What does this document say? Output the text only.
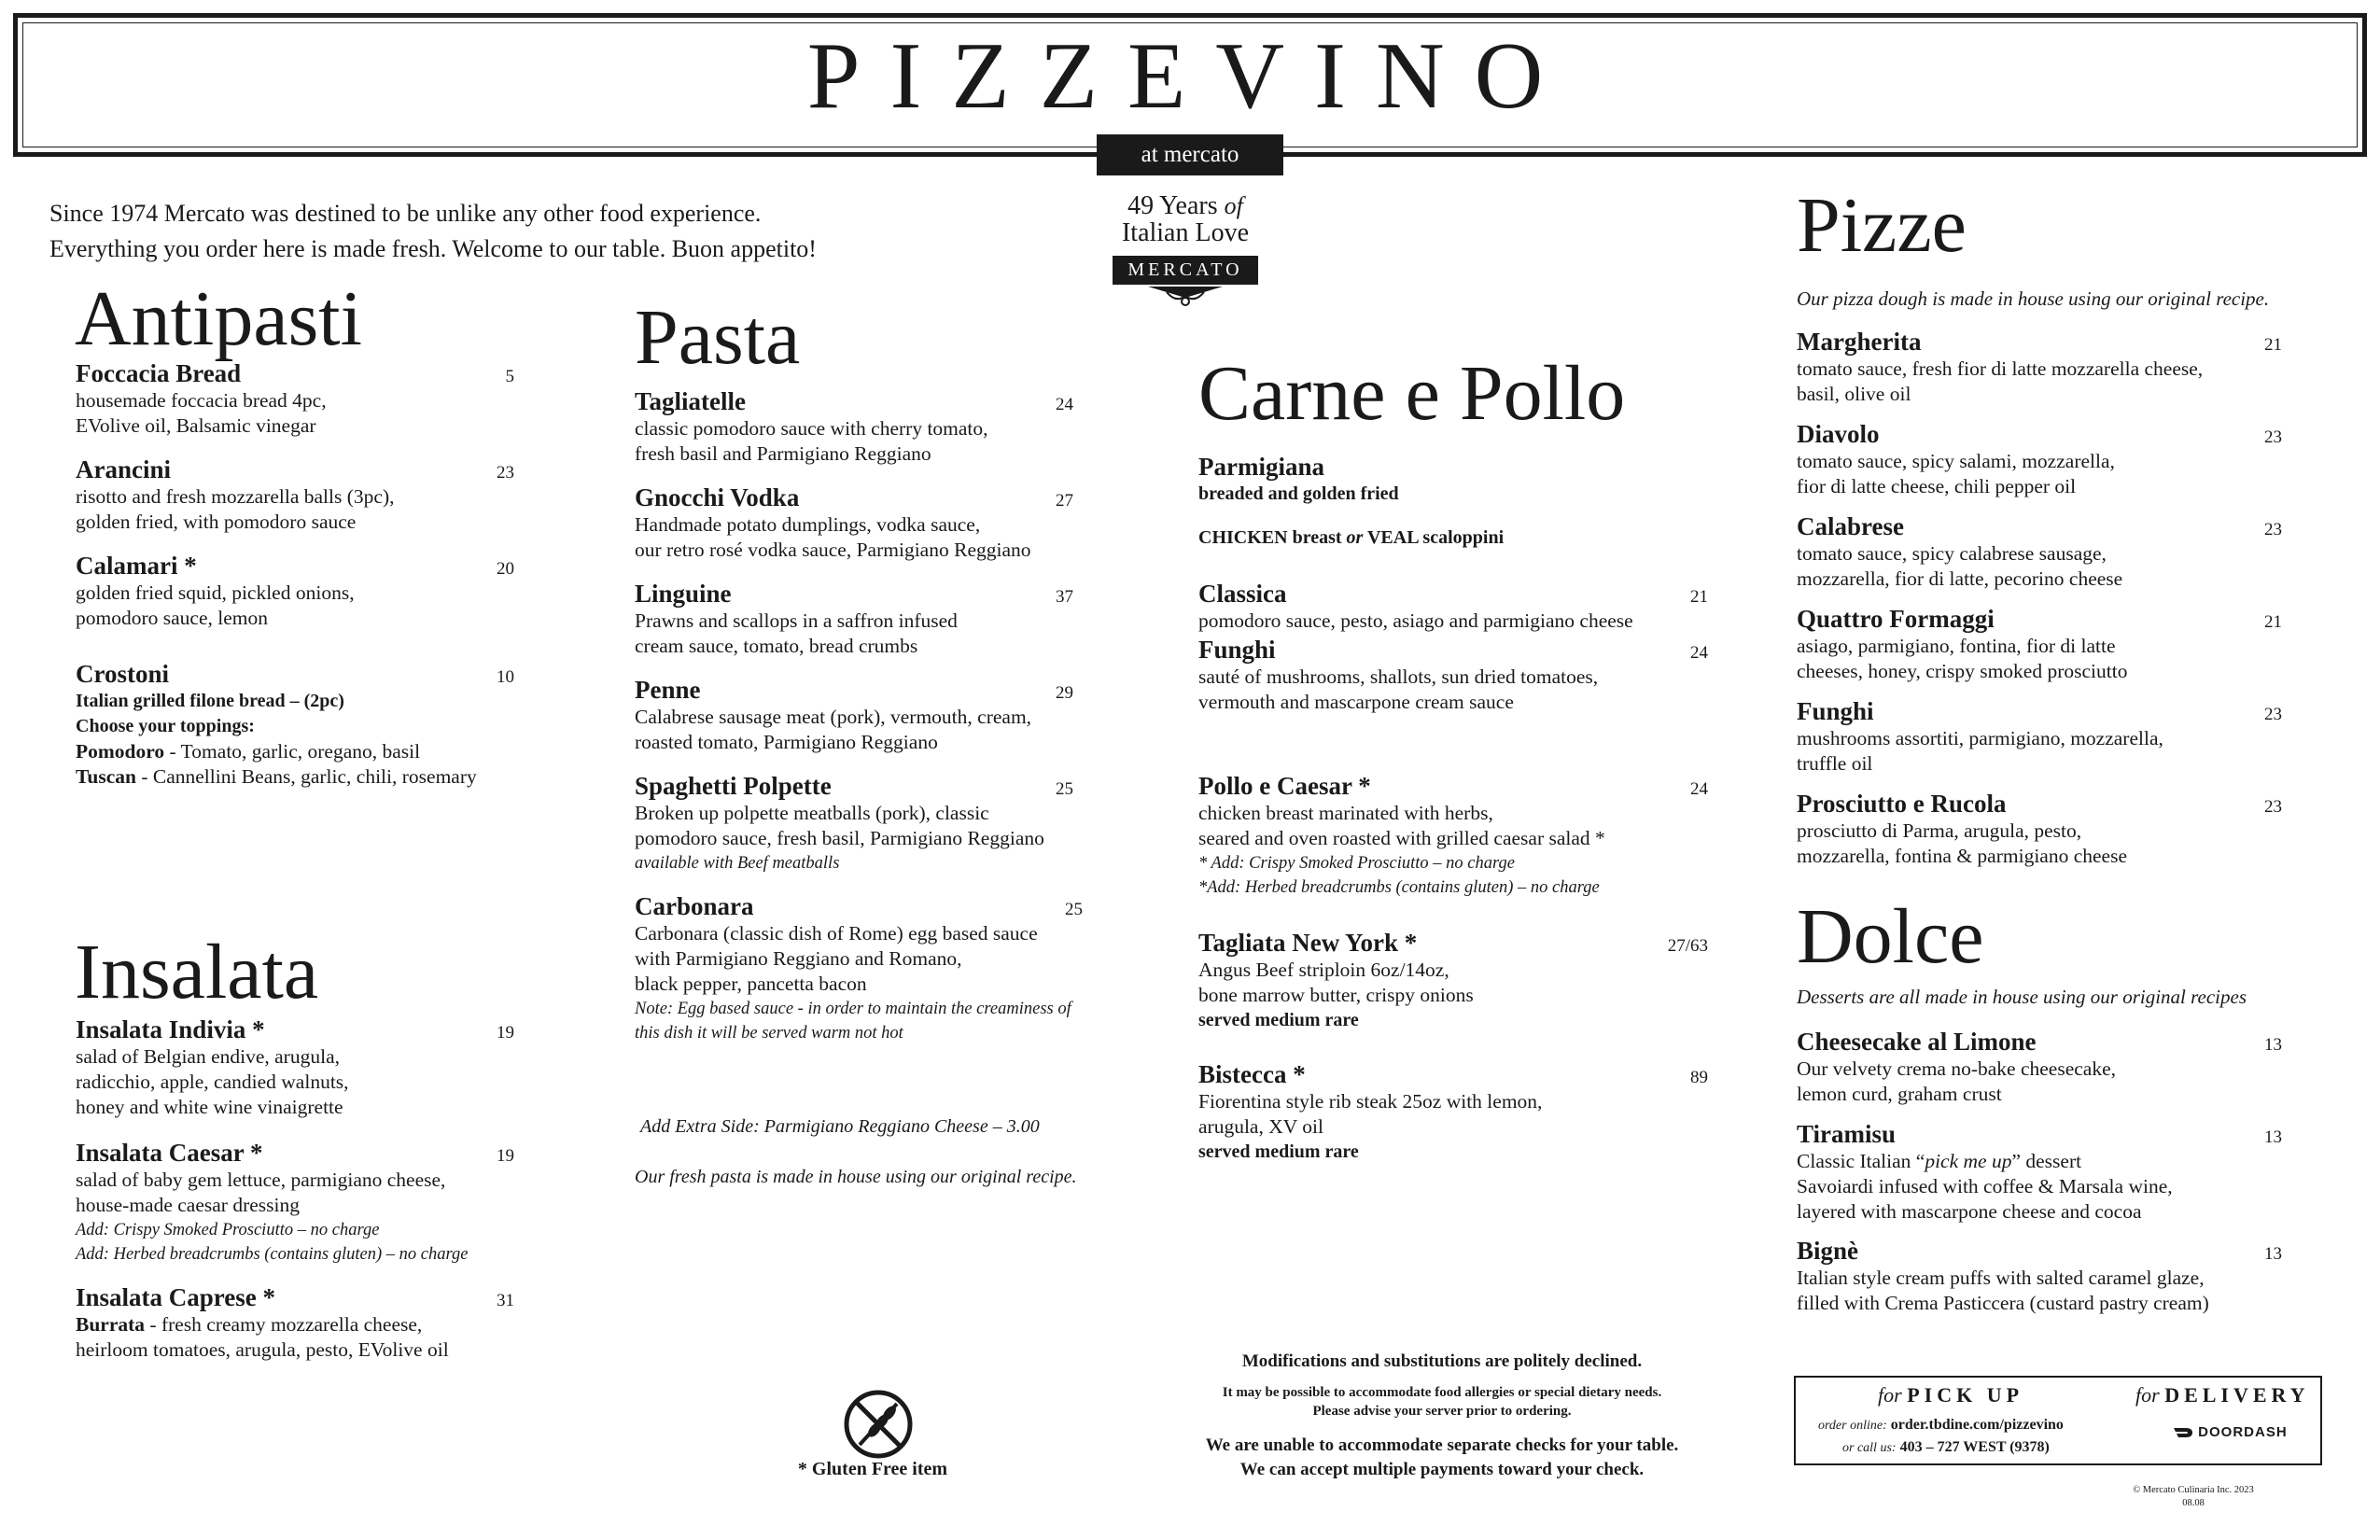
PIZZEVINO
at mercato
Since 1974 Mercato was destined to be unlike any other food experience.
Everything you order here is made fresh. Welcome to our table. Buon appetito!
49 Years of
Italian Love
MERCATO
Antipasti
Foccacia Bread	5
housemade foccacia bread 4pc,
EVolive oil, Balsamic vinegar
Arancini	23
risotto and fresh mozzarella balls (3pc),
golden fried, with pomodoro sauce
Calamari *	20
golden fried squid, pickled onions,
pomodoro sauce, lemon
Crostoni	10
Italian grilled filone bread – (2pc)
Choose your toppings:
Pomodoro - Tomato, garlic, oregano, basil
Tuscan - Cannellini Beans, garlic, chili, rosemary
Insalata
Insalata Indivia *	19
salad of Belgian endive, arugula,
radicchio, apple, candied walnuts,
honey and white wine vinaigrette
Insalata Caesar *	19
salad of baby gem lettuce, parmigiano cheese,
house-made caesar dressing
Add: Crispy Smoked Prosciutto – no charge
Add: Herbed breadcrumbs (contains gluten) – no charge
Insalata Caprese *	31
Burrata - fresh creamy mozzarella cheese,
heirloom tomatoes, arugula, pesto, EVolive oil
Pasta
Tagliatelle	24
classic pomodoro sauce with cherry tomato,
fresh basil and Parmigiano Reggiano
Gnocchi Vodka	27
Handmade potato dumplings, vodka sauce,
our retro rosé vodka sauce, Parmigiano Reggiano
Linguine	37
Prawns and scallops in a saffron infused
cream sauce, tomato, bread crumbs
Penne	29
Calabrese sausage meat (pork), vermouth, cream,
roasted tomato, Parmigiano Reggiano
Spaghetti Polpette	25
Broken up polpette meatballs (pork), classic
pomodoro sauce, fresh basil, Parmigiano Reggiano
available with Beef meatballs
Carbonara	25
Carbonara (classic dish of Rome) egg based sauce
with Parmigiano Reggiano and Romano,
black pepper, pancetta bacon
Note: Egg based sauce - in order to maintain the creaminess of
this dish it will be served warm not hot
Add Extra Side: Parmigiano Reggiano Cheese – 3.00
Our fresh pasta is made in house using our original recipe.
Carne e Pollo
Parmigiana
breaded and golden fried
CHICKEN breast or VEAL scaloppini
Classica	21
pomodoro sauce, pesto, asiago and parmigiano cheese
Funghi	24
sauté of mushrooms, shallots, sun dried tomatoes,
vermouth and mascarpone cream sauce
Pollo e Caesar *	24
chicken breast marinated with herbs,
seared and oven roasted with grilled caesar salad *
* Add: Crispy Smoked Prosciutto – no charge
*Add: Herbed breadcrumbs (contains gluten) – no charge
Tagliata New York *	27/63
Angus Beef striploin 6oz/14oz,
bone marrow butter, crispy onions
served medium rare
Bistecca *	89
Fiorentina style rib steak 25oz with lemon,
arugula, XV oil
served medium rare
* Gluten Free item
Modifications and substitutions are politely declined.
It may be possible to accommodate food allergies or special dietary needs.
Please advise your server prior to ordering.
We are unable to accommodate separate checks for your table.
We can accept multiple payments toward your check.
Pizze
Our pizza dough is made in house using our original recipe.
Margherita	21
tomato sauce, fresh fior di latte mozzarella cheese,
basil, olive oil
Diavolo	23
tomato sauce, spicy salami, mozzarella,
fior di latte cheese, chili pepper oil
Calabrese	23
tomato sauce, spicy calabrese sausage,
mozzarella, fior di latte, pecorino cheese
Quattro Formaggi	21
asiago, parmigiano, fontina, fior di latte
cheeses, honey, crispy smoked prosciutto
Funghi	23
mushrooms assortiti, parmigiano, mozzarella,
truffle oil
Prosciutto e Rucola	23
prosciutto di Parma, arugula, pesto,
mozzarella, fontina & parmigiano cheese
Dolce
Desserts are all made in house using our original recipes
Cheesecake al Limone	13
Our velvety crema no-bake cheesecake,
lemon curd, graham crust
Tiramisu	13
Classic Italian “pick me up” dessert
Savoiardi infused with coffee & Marsala wine,
layered with mascarpone cheese and cocoa
Bignè	13
Italian style cream puffs with salted caramel glaze,
filled with Crema Pasticcera (custard pastry cream)
for PICK UP	for DELIVERY
order online: order.tbdine.com/pizzevino
or call us: 403 – 727 WEST (9378)
DOORDASH
© Mercato Culinaria Inc. 2023
08.08
